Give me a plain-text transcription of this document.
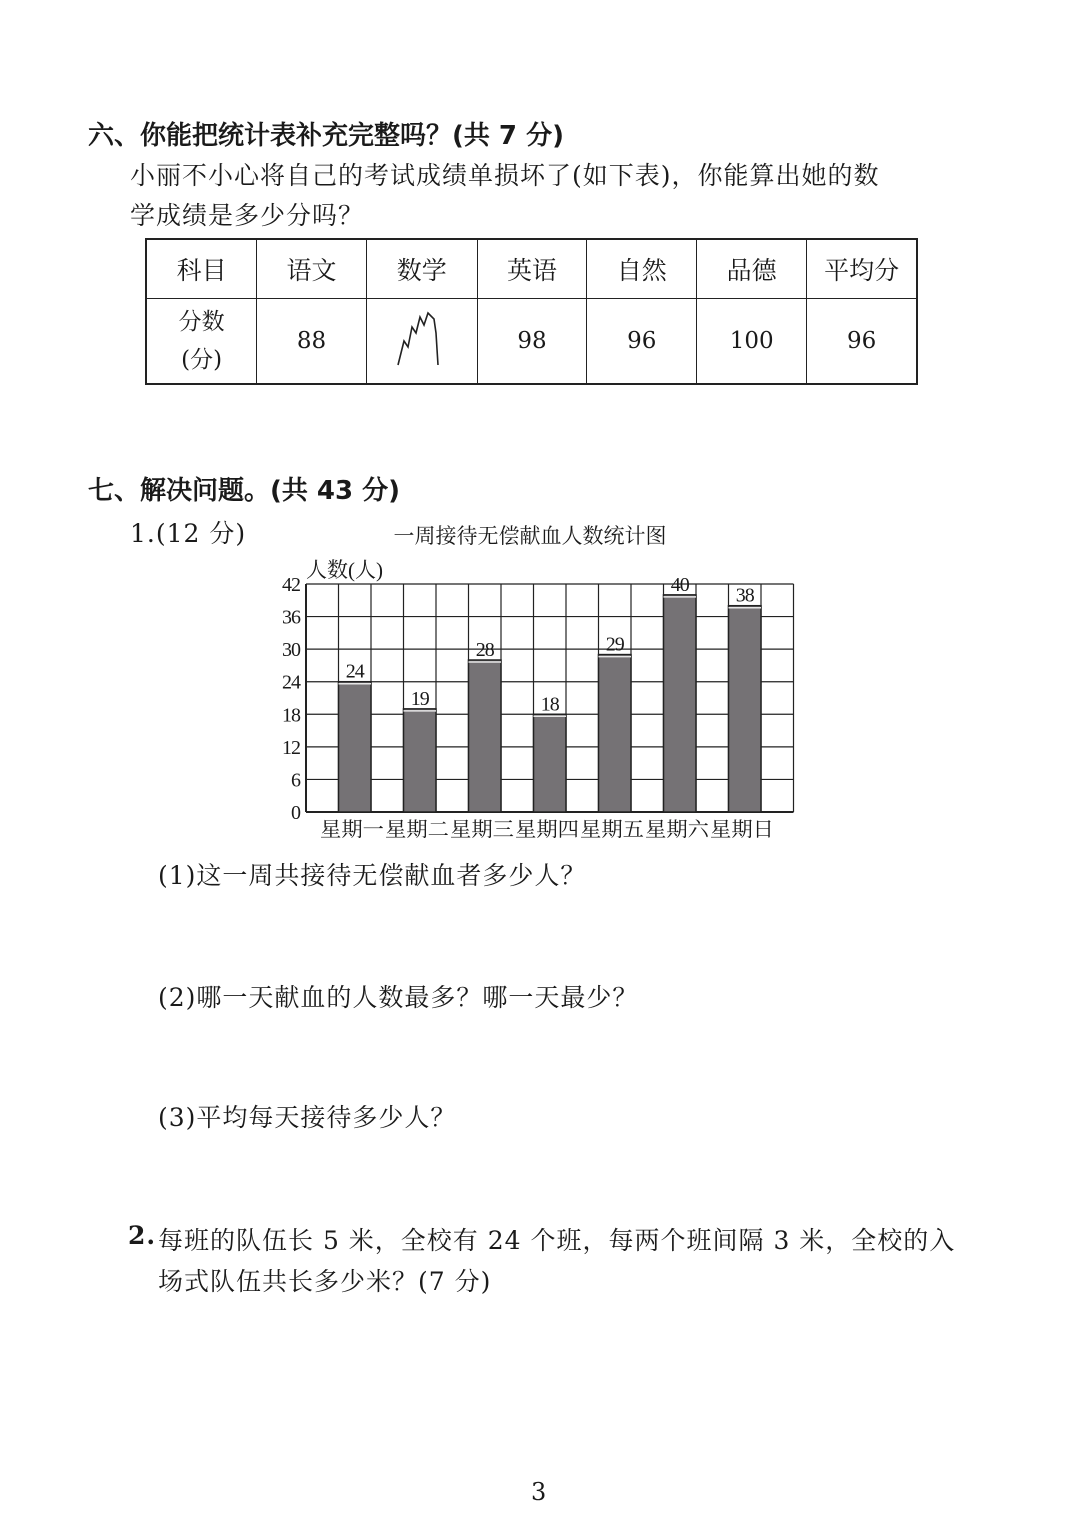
六、你能把统计表补充完整吗？(共 7 分)
小丽不小心将自己的考试成绩单损坏了(如下表)，你能算出她的数
学成绩是多少分吗？
科目	语文	数学	英语	自然	品德	平均分

分数
(分)	88		98	96	100	96
七、解决问题。(共 43 分)
1.(12 分)	一周接待无偿献血人数统计图
人数(人)
0
6
12
18
24
30
36
42
24
19
28
18
29
40 38
星期一 星期二 星期三 星期四 星期五 星期六 星期日
(1)这一周共接待无偿献血者多少人？
(2)哪一天献血的人数最多？哪一天最少？
(3)平均每天接待多少人？
2. 每班的队伍长 5 米，全校有 24 个班，每两个班间隔 3 米，全校的入
场式队伍共长多少米？(7 分)
3
